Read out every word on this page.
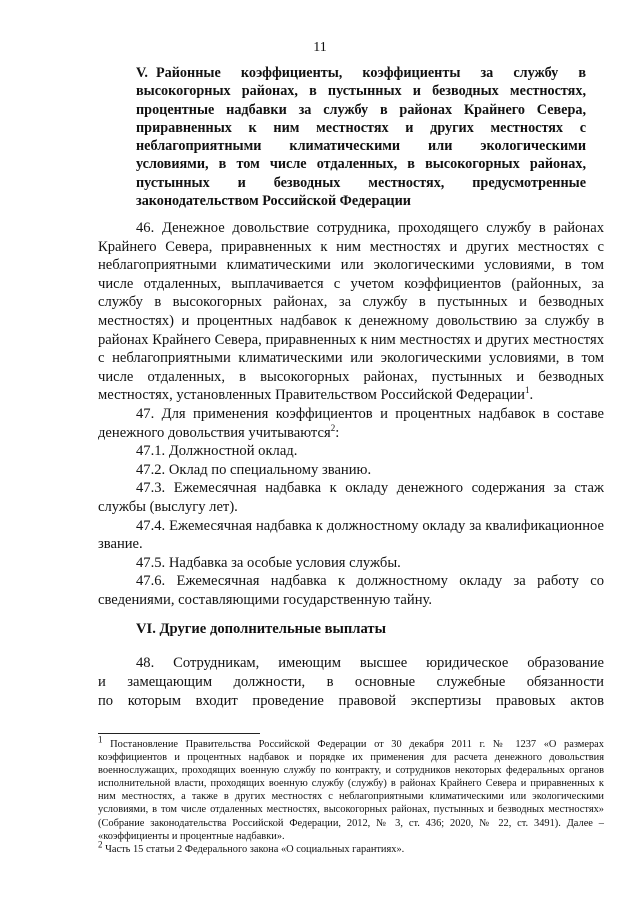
11
V. Районные коэффициенты, коэффициенты за службу в высокогорных районах, в пустынных и безводных местностях, процентные надбавки за службу в районах Крайнего Севера, приравненных к ним местностях и других местностях с неблагоприятными климатическими или экологическими условиями, в том числе отдаленных, в высокогорных районах, пустынных и безводных местностях, предусмотренные законодательством Российской Федерации

46. Денежное довольствие сотрудника, проходящего службу в районах Крайнего Севера, приравненных к ним местностях и других местностях с неблагоприятными климатическими или экологическими условиями, в том числе отдаленных, выплачивается с учетом коэффициентов (районных, за службу в высокогорных районах, за службу в пустынных и безводных местностях) и процентных надбавок к денежному довольствию за службу в районах Крайнего Севера, приравненных к ним местностях и других местностях с неблагоприятными климатическими или экологическими условиями, в том числе отдаленных, в высокогорных районах, пустынных и безводных местностях, установленных Правительством Российской Федерации$^1$.

47. Для применения коэффициентов и процентных надбавок в составе денежного довольствия учитываются$^2$:

47.1. Должностной оклад.

47.2. Оклад по специальному званию.

47.3. Ежемесячная надбавка к окладу денежного содержания за стаж службы (выслугу лет).

47.4. Ежемесячная надбавка к должностному окладу за квалификационное звание.

47.5. Надбавка за особые условия службы.

47.6. Ежемесячная надбавка к должностному окладу за работу со сведениями, составляющими государственную тайну.

VI. Другие дополнительные выплаты

48. Сотрудникам, имеющим высшее юридическое образование

и замещающим должности, в основные служебные обязанности

по которым входит проведение правовой экспертизы правовых актов

$^1$ Постановление Правительства Российской Федерации от 30 декабря 2011 г. № 1237 «О размерах коэффициентов и процентных надбавок и порядке их применения для расчета денежного довольствия военнослужащих, проходящих военную службу по контракту, и сотрудников некоторых федеральных органов исполнительной власти, проходящих военную службу (службу) в районах Крайнего Севера и приравненных к ним местностях, а также в других местностях с неблагоприятными климатическими или экологическими условиями, в том числе отдаленных местностях, высокогорных районах, пустынных и безводных местностях» (Собрание законодательства Российской Федерации, 2012, № 3, ст. 436; 2020, № 22, ст. 3491). Далее – «коэффициенты и процентные надбавки».

$^2$ Часть 15 статьи 2 Федерального закона «О социальных гарантиях».
